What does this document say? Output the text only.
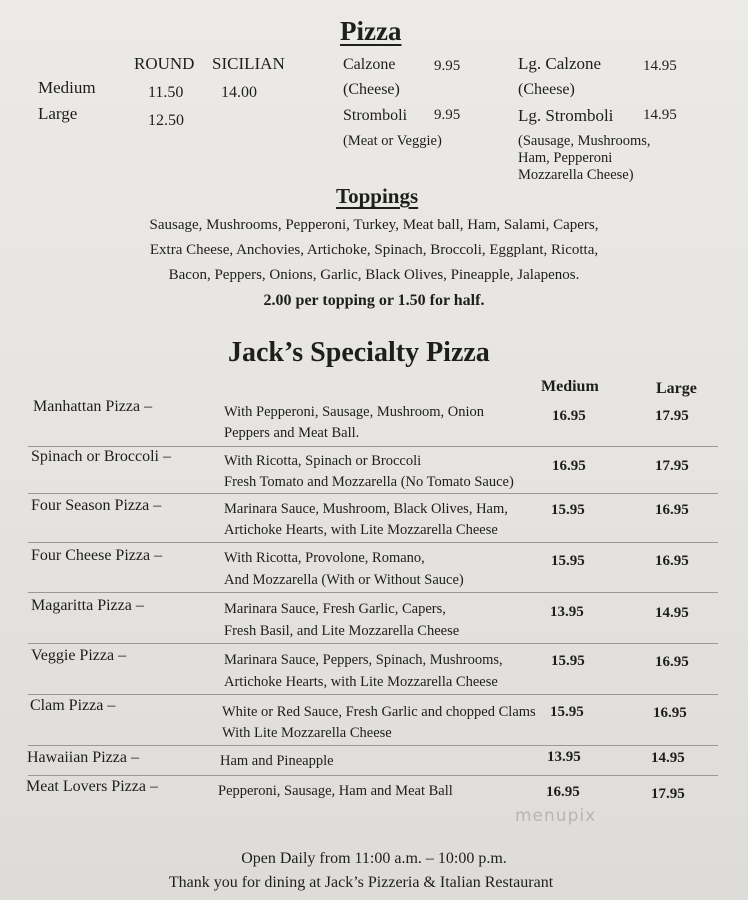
Pizza
ROUND SICILIAN
Medium	11.50 14.00
Large	12.50
Calzone	9.95
(Cheese)
Stromboli 9.95
(Meat or Veggie)
Lg. Calzone	14.95
(Cheese)
Lg. Stromboli 14.95
(Sausage, Mushrooms,
Ham, Pepperoni
Mozzarella Cheese)
Toppings
Sausage, Mushrooms, Pepperoni, Turkey, Meat ball, Ham, Salami, Capers,
Extra Cheese, Anchovies, Artichoke, Spinach, Broccoli, Eggplant, Ricotta,
Bacon, Peppers, Onions, Garlic, Black Olives, Pineapple, Jalapenos.
2.00 per topping or 1.50 for half.
Jack’s Specialty Pizza
Medium	Large
Manhattan Pizza –	With Pepperoni, Sausage, Mushroom, Onion
Peppers and Meat Ball.
16.95	17.95
Spinach or Broccoli –	With Ricotta, Spinach or Broccoli
Fresh Tomato and Mozzarella (No Tomato Sauce)
16.95	17.95
Four Season Pizza –	Marinara Sauce, Mushroom, Black Olives, Ham,
Artichoke Hearts, with Lite Mozzarella Cheese
15.95	16.95
Four Cheese Pizza –	With Ricotta, Provolone, Romano,
And Mozzarella (With or Without Sauce)
15.95	16.95
Magaritta Pizza –	Marinara Sauce, Fresh Garlic, Capers,
Fresh Basil, and Lite Mozzarella Cheese
13.95	14.95
Veggie Pizza –	Marinara Sauce, Peppers, Spinach, Mushrooms,
Artichoke Hearts, with Lite Mozzarella Cheese
15.95	16.95
Clam Pizza –	White or Red Sauce, Fresh Garlic and chopped Clams
With Lite Mozzarella Cheese
15.95	16.95
Hawaiian Pizza –	Ham and Pineapple	13.95	14.95
Meat Lovers Pizza –	Pepperoni, Sausage, Ham and Meat Ball	16.95	17.95
menupix
Open Daily from 11:00 a.m. – 10:00 p.m.
Thank you for dining at Jack’s Pizzeria & Italian Restaurant
